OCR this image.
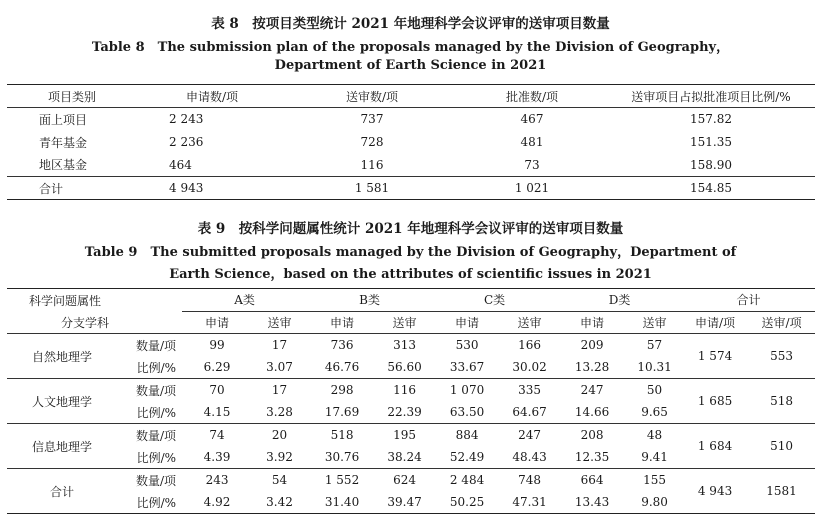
表 8　按项目类型统计 2021 年地理科学会议评审的送审项目数量
Table 8　The submission plan of the proposals managed by the Division of Geography，
Department of Earth Science in 2021
项目类别	申请数/项	送审数/项	批准数/项	送审项目占拟批准项目比例/%
面上项目	2 243	737	467	157.82
青年基金	2 236	728	481	151.35
地区基金	464	116	73	158.90
合计	4 943	1 581	1 021	154.85
表 9　按科学问题属性统计 2021 年地理科学会议评审的送审项目数量
Table 9　The submitted proposals managed by the Division of Geography，Department of
Earth Science，based on the attributes of scientific issues in 2021
科学问题属性		A类		B类		C类		D类		合计	
分支学科		申请	送审	申请	送审	申请	送审	申请	送审	申请/项	送审/项
自然地理学	数量/项	99	17	736	313	530	166	209	57	1 574	553
	比例/%	6.29	3.07	46.76	56.60	33.67	30.02	13.28	10.31		
人文地理学	数量/项	70	17	298	116	1 070	335	247	50	1 685	518
	比例/%	4.15	3.28	17.69	22.39	63.50	64.67	14.66	9.65		
信息地理学	数量/项	74	20	518	195	884	247	208	48	1 684	510
	比例/%	4.39	3.92	30.76	38.24	52.49	48.43	12.35	9.41		
合计	数量/项	243	54	1 552	624	2 484	748	664	155	4 943	1581
	比例/%	4.92	3.42	31.40	39.47	50.25	47.31	13.43	9.80		
